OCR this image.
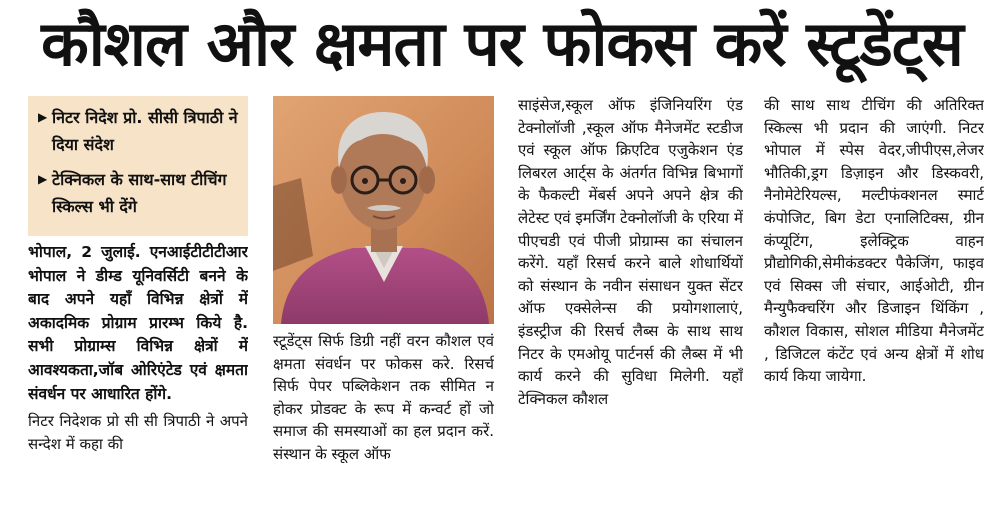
कौशल और क्षमता पर फोकस करें स्टूडेंट्स
▶ निटर निदेश प्रो. सीसी त्रिपाठी ने दिया संदेश
▶ टेक्निकल के साथ-साथ टीचिंग स्किल्स भी देंगे

भोपाल, 2 जुलाई. एनआईटीटीटीआर भोपाल ने डीम्ड यूनिवर्सिटी बनने के बाद अपने यहाँ विभिन्न क्षेत्रों में अकादमिक प्रोग्राम प्रारम्भ किये है. सभी प्रोग्राम्स विभिन्न क्षेत्रों में आवश्यकता,जॉब ओरिएंटेड एवं क्षमता संवर्धन पर आधारित होंगे.

निटर निदेशक प्रो सी सी त्रिपाठी ने अपने सन्देश में कहा की

स्टूडेंट्स सिर्फ डिग्री नहीं वरन कौशल एवं क्षमता संवर्धन पर फोकस करे. रिसर्च सिर्फ पेपर पब्लिकेशन तक सीमित न होकर प्रोडक्ट के रूप में कन्वर्ट हों जो समाज की समस्याओं का हल प्रदान करें. संस्थान के स्कूल ऑफ
साइंसेज,स्कूल ऑफ इंजिनियरिंग एंड टेक्नोलॉजी ,स्कूल ऑफ मैनेजमेंट स्टडीज एवं स्कूल ऑफ क्रिएटिव एजुकेशन एंड लिबरल आर्ट्स के अंतर्गत विभिन्न बिभागों के फैकल्टी मेंबर्स अपने अपने क्षेत्र की लेटेस्ट एवं इमर्जिंग टेक्नोलॉजी के एरिया में पीएचडी एवं पीजी प्रोग्राम्स का संचालन करेंगे. यहाँ रिसर्च करने बाले शोधार्थियों को संस्थान के नवीन संसाधन युक्त सेंटर ऑफ एक्सेलेन्स की प्रयोगशालाएं, इंडस्ट्रीज की रिसर्च लैब्स के साथ साथ निटर के एमओयू पार्टनर्स की लैब्स में भी कार्य करने की सुविधा मिलेगी. यहाँ टेक्निकल कौशल
की साथ साथ टीचिंग की अतिरिक्त स्किल्स भी प्रदान की जाएंगी. निटर भोपाल में स्पेस वेदर,जीपीएस,लेजर भौतिकी,ड्रग डिज़ाइन और डिस्कवरी, नैनोमेटेरियल्स, मल्टीफंक्शनल स्मार्ट कंपोजिट, बिग डेटा एनालिटिक्स, ग्रीन कंप्यूटिंग, इलेक्ट्रिक वाहन प्रौद्योगिकी,सेमीकंडक्टर पैकेजिंग, फाइव एवं सिक्स जी संचार, आईओटी, ग्रीन मैन्युफैक्चरिंग और डिजाइन थिंकिंग , कौशल विकास, सोशल मीडिया मैनेजमेंट , डिजिटल कंटेंट एवं अन्य क्षेत्रों में शोध कार्य किया जायेगा.
